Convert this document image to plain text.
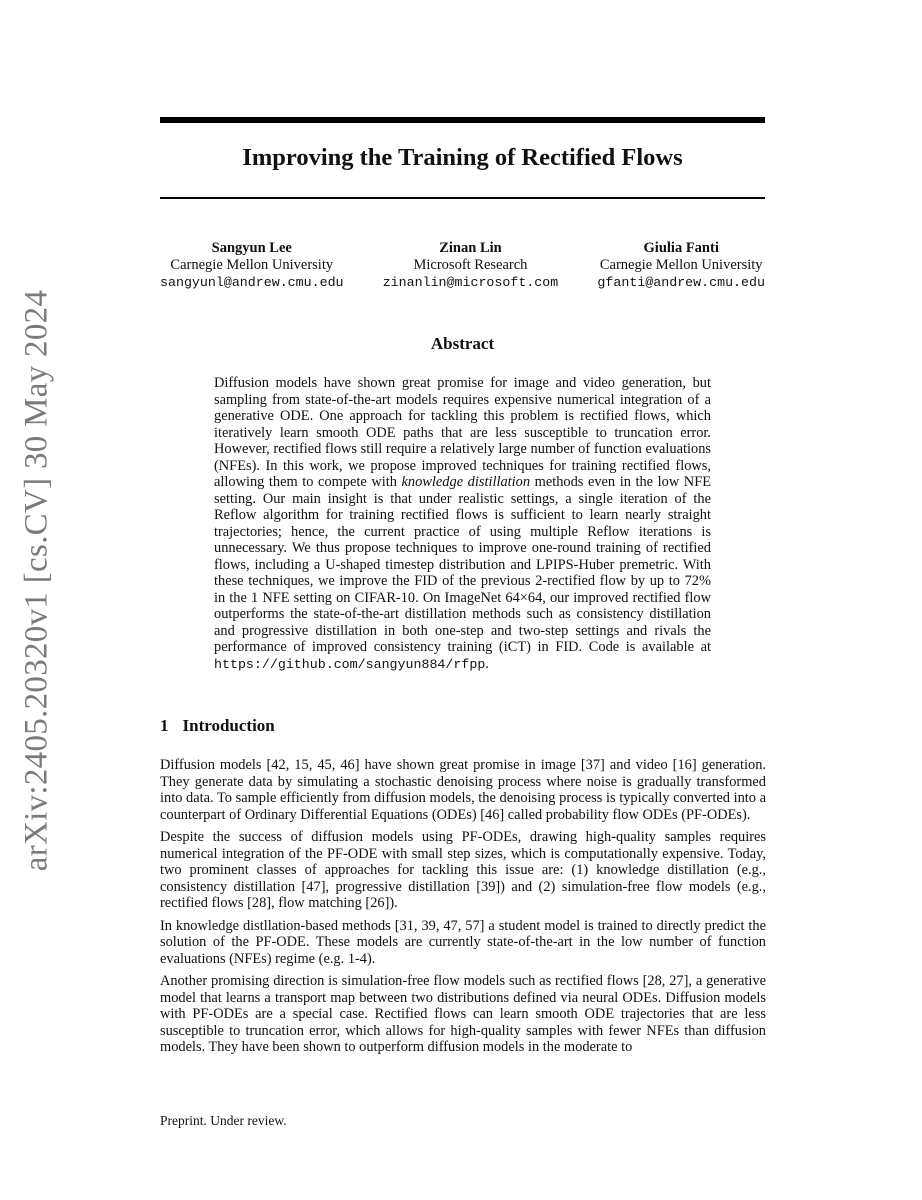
arXiv:2405.20320v1 [cs.CV] 30 May 2024
Improving the Training of Rectified Flows
Sangyun Lee
Carnegie Mellon University
sangyunl@andrew.cmu.edu
Zinan Lin
Microsoft Research
zinanlin@microsoft.com
Giulia Fanti
Carnegie Mellon University
gfanti@andrew.cmu.edu
Abstract

Diffusion models have shown great promise for image and video generation, but sampling from state-of-the-art models requires expensive numerical integration of a generative ODE. One approach for tackling this problem is rectified flows, which iteratively learn smooth ODE paths that are less susceptible to truncation error. However, rectified flows still require a relatively large number of function evaluations (NFEs). In this work, we propose improved techniques for training rectified flows, allowing them to compete with knowledge distillation methods even in the low NFE setting. Our main insight is that under realistic settings, a single iteration of the Reflow algorithm for training rectified flows is sufficient to learn nearly straight trajectories; hence, the current practice of using multiple Reflow iterations is unnecessary. We thus propose techniques to improve one-round training of rectified flows, including a U-shaped timestep distribution and LPIPS-Huber premetric. With these techniques, we improve the FID of the previous 2-rectified flow by up to 72% in the 1 NFE setting on CIFAR-10. On ImageNet 64×64, our improved rectified flow outperforms the state-of-the-art distillation methods such as consistency distillation and progressive distillation in both one-step and two-step settings and rivals the performance of improved consistency training (iCT) in FID. Code is available at https://github.com/sangyun884/rfpp.

1 Introduction

Diffusion models [42, 15, 45, 46] have shown great promise in image [37] and video [16] generation. They generate data by simulating a stochastic denoising process where noise is gradually transformed into data. To sample efficiently from diffusion models, the denoising process is typically converted into a counterpart of Ordinary Differential Equations (ODEs) [46] called probability flow ODEs (PF-ODEs).

Despite the success of diffusion models using PF-ODEs, drawing high-quality samples requires numerical integration of the PF-ODE with small step sizes, which is computationally expensive. Today, two prominent classes of approaches for tackling this issue are: (1) knowledge distillation (e.g., consistency distillation [47], progressive distillation [39]) and (2) simulation-free flow models (e.g., rectified flows [28], flow matching [26]).

In knowledge distllation-based methods [31, 39, 47, 57] a student model is trained to directly predict the solution of the PF-ODE. These models are currently state-of-the-art in the low number of function evaluations (NFEs) regime (e.g. 1-4).

Another promising direction is simulation-free flow models such as rectified flows [28, 27], a generative model that learns a transport map between two distributions defined via neural ODEs. Diffusion models with PF-ODEs are a special case. Rectified flows can learn smooth ODE trajectories that are less susceptible to truncation error, which allows for high-quality samples with fewer NFEs than diffusion models. They have been shown to outperform diffusion models in the moderate to

Preprint. Under review.
